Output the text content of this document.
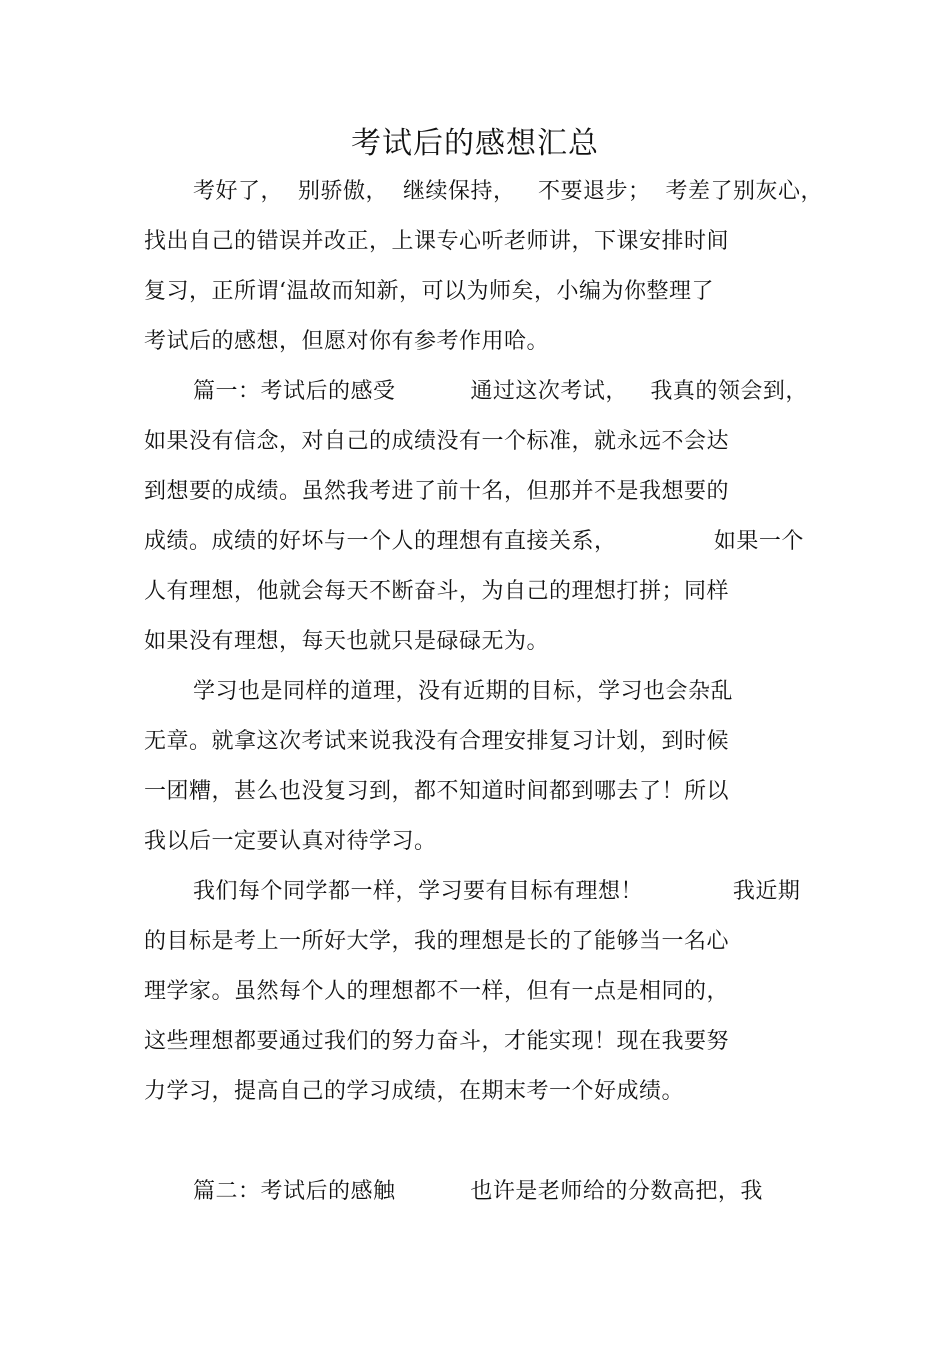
考试后的感想汇总
考好了，  别骄傲，  继续保持，   不要退步；  考差了别灰心，
找出自己的错误并改正，上课专心听老师讲，下课安排时间
复习，正所谓‘温故而知新，可以为师矣，小编为你整理了
考试后的感想，但愿对你有参考作用哈。
篇一：考试后的感受          通过这次考试，   我真的领会到，
如果没有信念，对自己的成绩没有一个标准，就永远不会达
到想要的成绩。虽然我考进了前十名，但那并不是我想要的
成绩。成绩的好坏与一个人的理想有直接关系，             如果一个
人有理想，他就会每天不断奋斗，为自己的理想打拼；同样
如果没有理想，每天也就只是碌碌无为。
学习也是同样的道理，没有近期的目标，学习也会杂乱
无章。就拿这次考试来说我没有合理安排复习计划，到时候
一团糟，甚么也没复习到，都不知道时间都到哪去了！所以
我以后一定要认真对待学习。
我们每个同学都一样，学习要有目标有理想！            我近期
的目标是考上一所好大学，我的理想是长的了能够当一名心
理学家。虽然每个人的理想都不一样，但有一点是相同的，
这些理想都要通过我们的努力奋斗，才能实现！现在我要努
力学习，提高自己的学习成绩，在期末考一个好成绩。
篇二：考试后的感触          也许是老师给的分数高把，我
